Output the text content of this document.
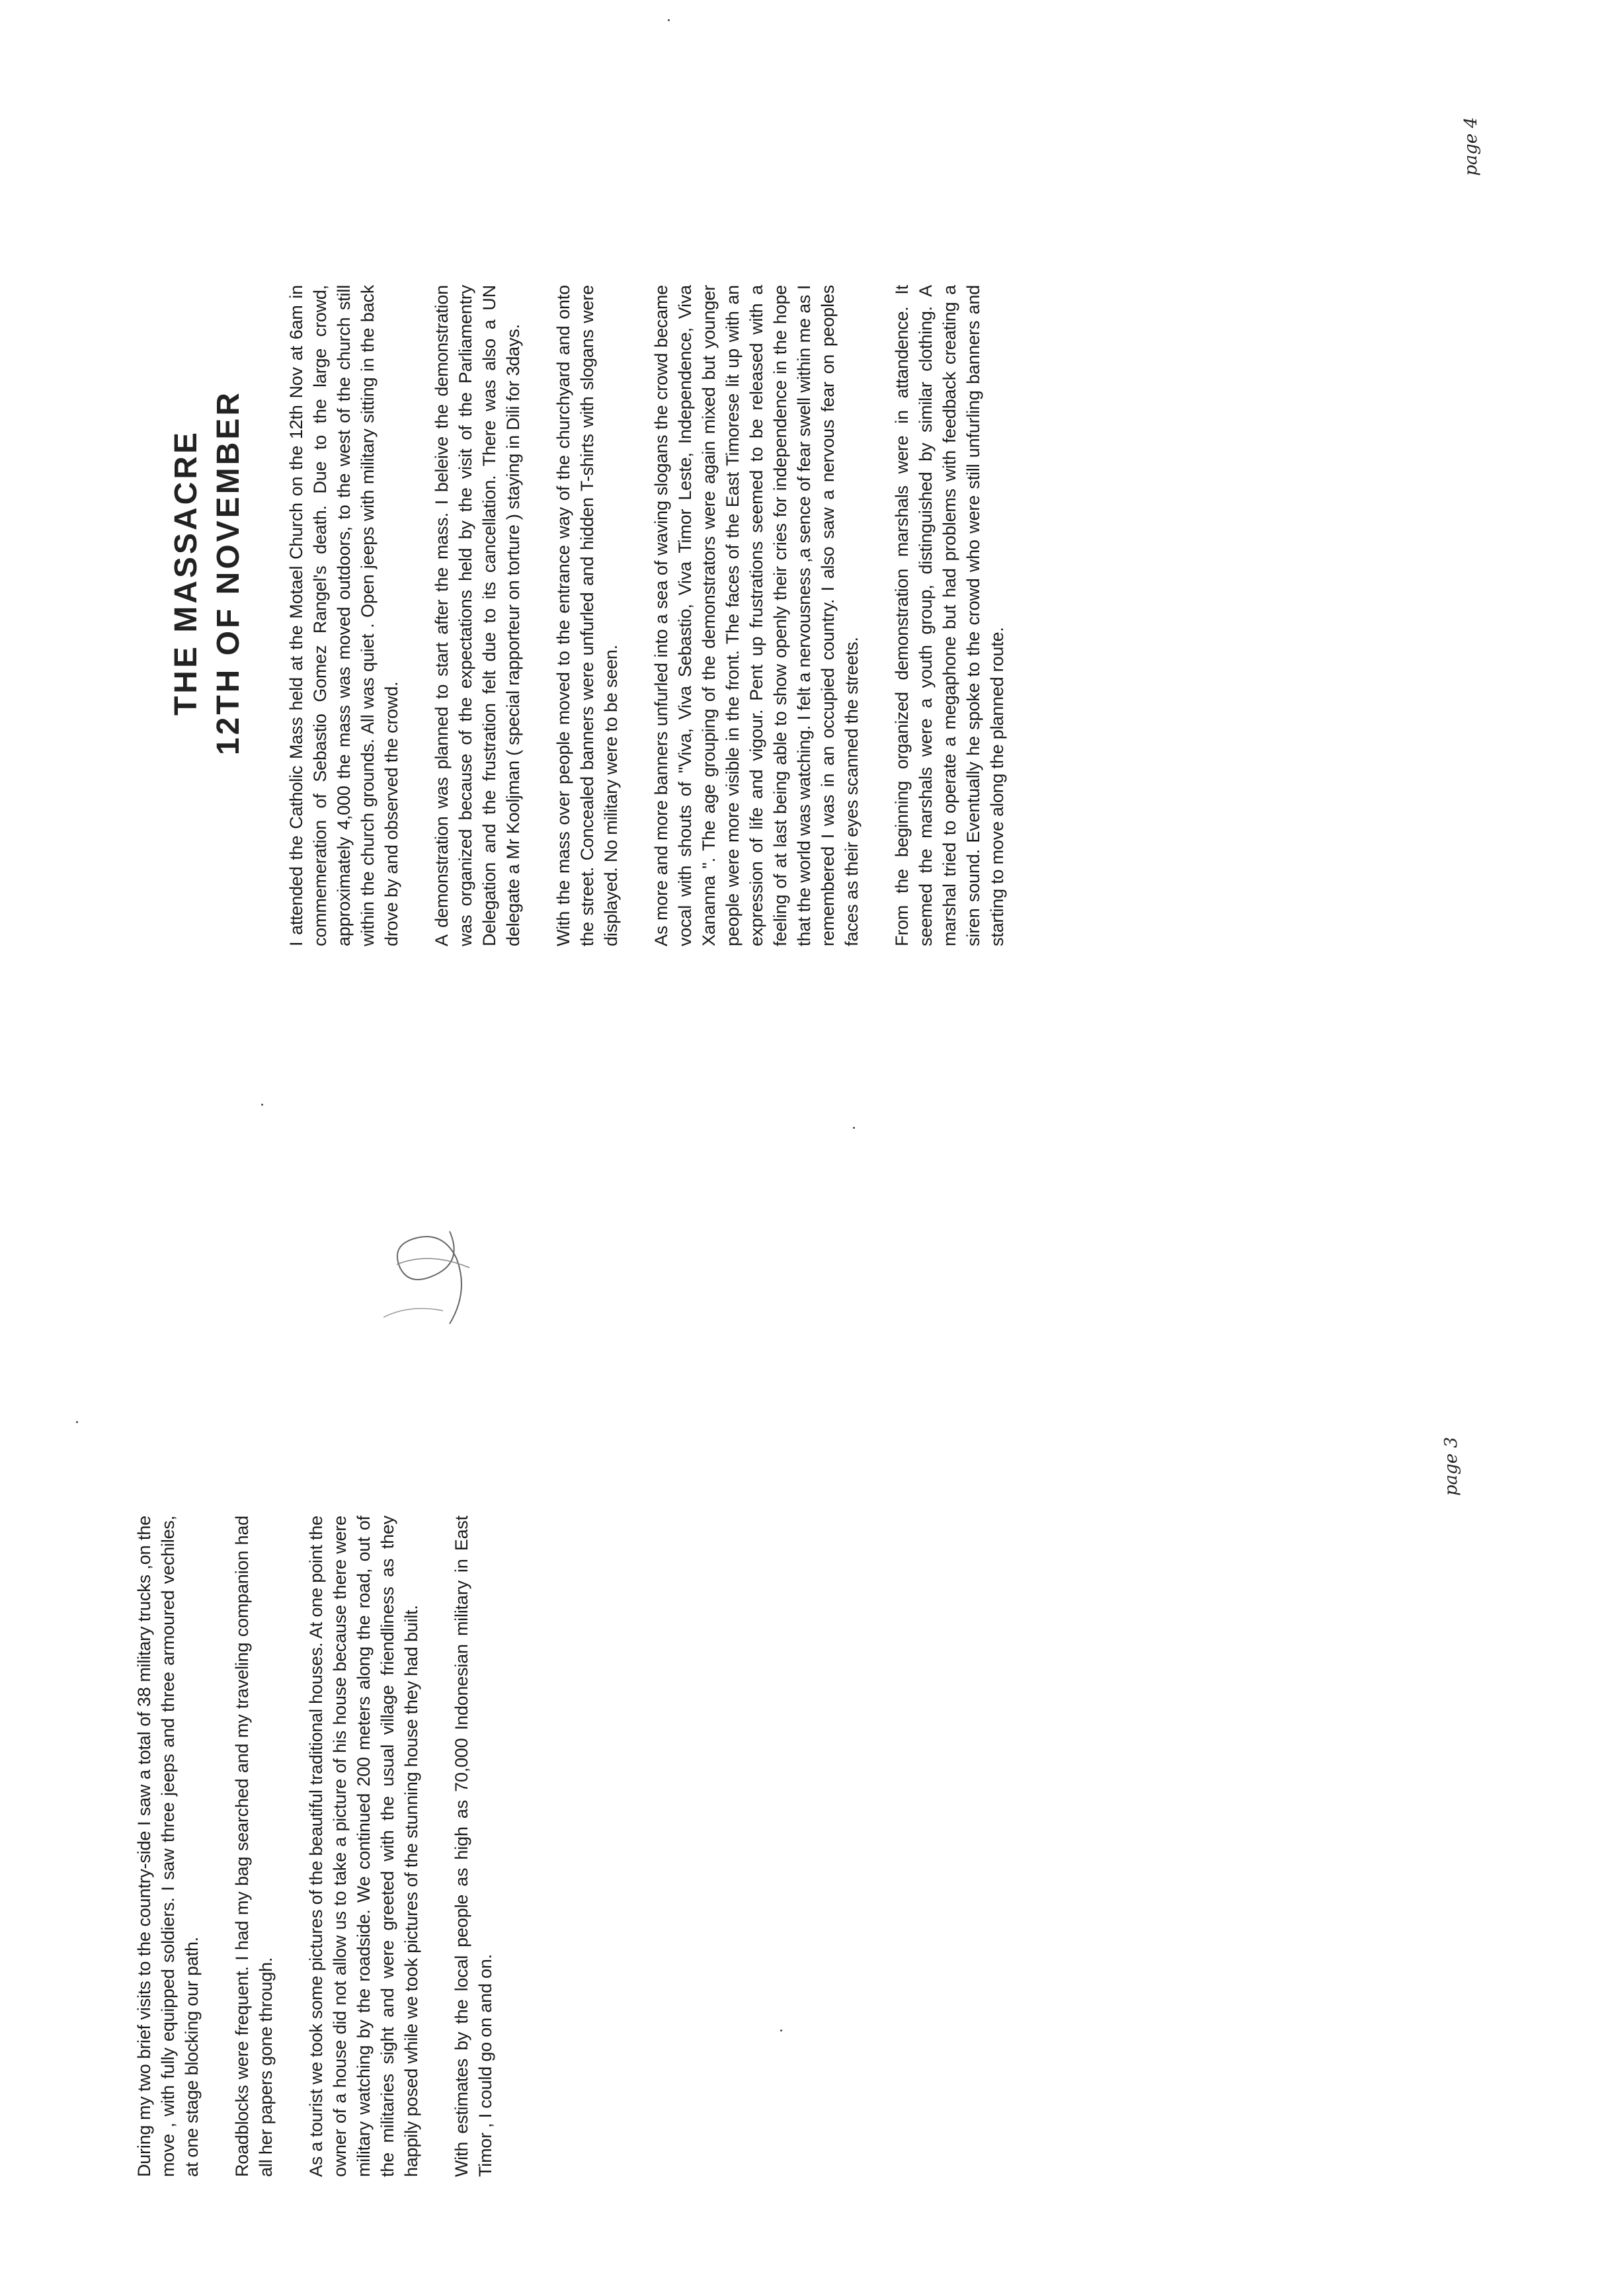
During my two brief visits to the country-side I saw a total of 38 military trucks ,on the move , with fully equipped soldiers. I saw three jeeps and three armoured vechiles, at one stage blocking our path. Roadblocks were frequent. I had my bag searched and my traveling companion had all her papers gone through. As a tourist we took some pictures of the beautiful traditional houses. At one point the owner of a house did not allow us to take a picture of his house because there were military watching by the roadside. We continued 200 meters along the road, out of the militaries sight and were greeted with the usual village friendliness as they happily posed while we took pictures of the stunning house they had built. With estimates by the local people as high as 70,000 Indonesian military in East Timor , I could go on and on.

page 3
THE MASSACRE 12TH OF NOVEMBER I attended the Catholic Mass held at the Motael Church on the 12th Nov at 6am in commemeration of Sebastio Gomez Rangel's death. Due to the large crowd, approximately 4,000 the mass was moved outdoors, to the west of the church still within the church grounds. All was quiet . Open jeeps with military sitting in the back drove by and observed the crowd. A demonstration was planned to start after the mass. I beleive the demonstration was organized because of the expectations held by the visit of the Parliamentry Delegation and the frustration felt due to its cancellation. There was also a UN delegate a Mr Kooljman ( special rapporteur on torture ) staying in Dili for 3days. With the mass over people moved to the entrance way of the churchyard and onto the street. Concealed banners were unfurled and hidden T-shirts with slogans were displayed. No military were to be seen. As more and more banners unfurled into a sea of waving slogans the crowd became vocal with shouts of "Viva, Viva Sebastio, Viva Timor Leste, Independence, Viva Xananna ". The age grouping of the demonstrators were again mixed but younger people were more visible in the front. The faces of the East Timorese lit up with an expression of life and vigour. Pent up frustrations seemed to be released with a feeling of at last being able to show openly their cries for independence in the hope that the world was watching. I felt a nervousness ,a sence of fear swell within me as I remembered I was in an occupied country. I also saw a nervous fear on peoples faces as their eyes scanned the streets. From the beginning organized demonstration marshals were in attandence. It seemed the marshals were a youth group, distinguished by similar clothing. A marshal tried to operate a megaphone but had problems with feedback creating a siren sound. Eventually he spoke to the crowd who were still unfurling banners and starting to move along the planned route.

page 4
